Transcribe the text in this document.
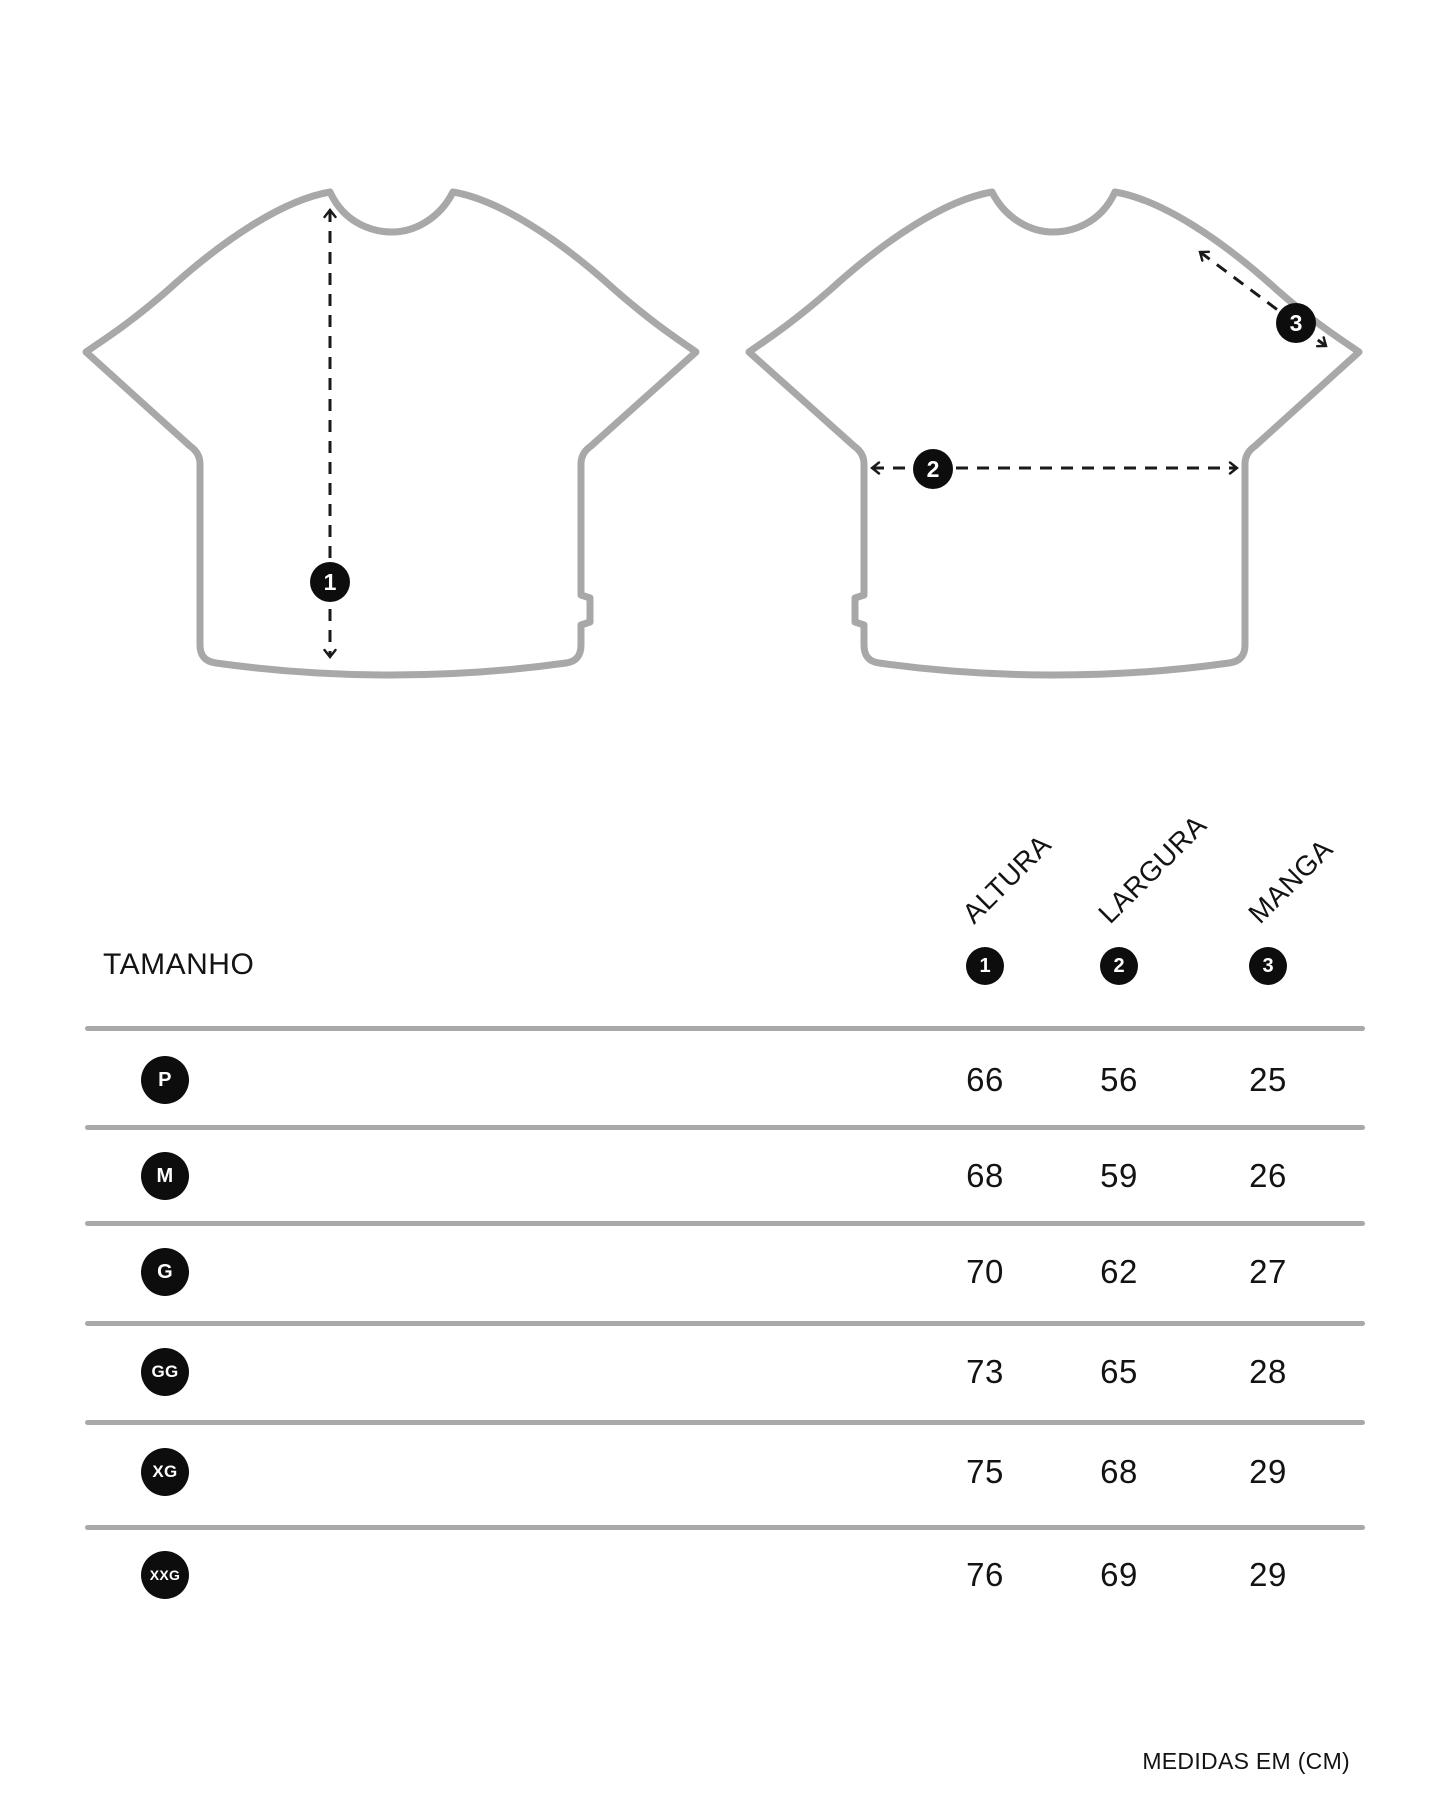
1
2
3
TAMANHO
ALTURA LARGURA MANGA
1	2	3
P	66	56	25
M	68	59	26
G	70	62	27
GG	73	65	28
XG	75	68	29
XXG	76	69	29
MEDIDAS EM (CM)
